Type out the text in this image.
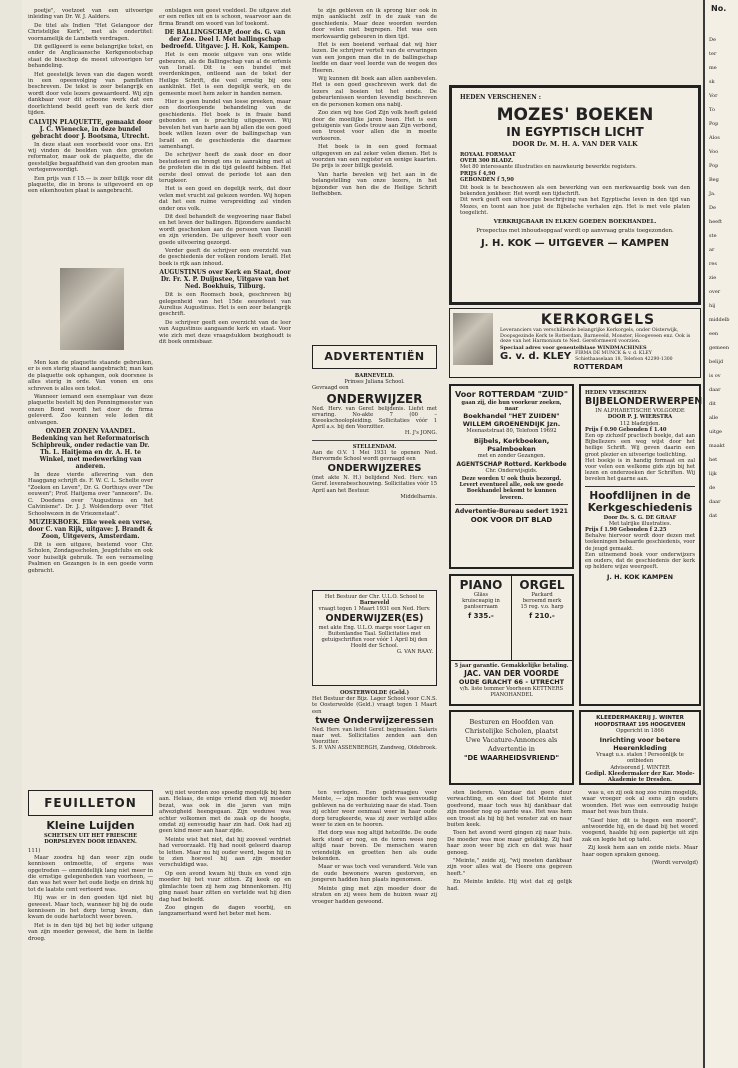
poetje", voetzoet van een uitvoerige inleiding van Dr. W. J. Aalders.

De titel als Indien "Het Gelangoor der Christelijke Kerk", met als ondertitel: voornamelijk de Lambeth verdragen.

Dit geïllgeerd is eene belangrijke tekst, en onder de Anglicaansche Kerkgenootschap staat de bisschop de meest uitvoerigen ter behandeling.

Het geestelijk leven van die dagen wordt in een opeenvolging van pamfletten beschreven. De tekst is zeer belangrijk en wordt door vele lezers gewaardeerd. Wij zijn dankbaar voor dit schoone werk dat een doorlichtend beeld geeft van de kerk dier tijden.

CALVIJN PLAQUETTE, gemaakt door J. C. Wienecke, in deze bundel gebracht door J. Bootsma, Utrecht.

In deze staat een voorbeeld voor ons. Eri wij vinden de beelden van den grooten reformator, maar ook de plaquette, die de geestelijke begaafdheid van den grooten man vertegenwoordigt.

Een prijs van f 15.— is zeer billijk voor dit plaquette, die in brons is uitgevoerd en op een eikenhouten plaat is aangebracht.

Men kan de plaquette staande gebruiken, er is een sterig staand aangebracht; man kan de plaquette ook ophangen, ook doorsnee is alles sterig in orde. Van vonen en ons schreven is alles een tekst.

Wanneer iemand een exemplaar van deze plaquette bestelt bij den Penningmeester van onzen Bond wordt het door de firma geleverd. Zoo kunnen vele leden dit ontvangen.

ONDER ZONEN VAANDEL. Bedenking van het Reformatorisch Schipbreuk, onder redactie van Dr. Th. L. Haitjema en dr. A. H. te Winkel, met medewerking van anderen.

In deze vierde aflevering van den Haaggang schrijft ds. F. W. C. L. Schelte over "Zoeken en Leven", Dr. G. Oorthuys over "De eeuwen"; Prof. Haitjema over "annexen". Ds. C. Doedens over "Augustinus en het Calvinisme". Dr. J. J. Woldendorp over "Het Schoolwezen in de Vriezenstaat".

MUZIEKBOEK. Elke week een verse, door C. van Rijk, uitgave: J. Brandt & Zoon, Uitgevers, Amsterdam.

Dit is een uitgave, bestemd voor Chr. Scholen, Zondagsscholen, Jeugdclubs en ook voor huiselijk gebruik. Te een verzameling Psalmen en Gezangen is in een goede vorm gebracht.

ontslagen een geest voeldeel. De uitgave ziet er een reflex uit en is schoon, waarvoor aan de firma Brandt om woord van lof toekomt.

DE BALLINGSCHAP, door ds. G. van der Zee. Deel I. Met ballingschap bedroefd. Uitgave: J. H. Kok, Kampen.

Het is een mooie uitgave van ons wilde gebeuren, als de Ballingschap van al de erfenis van Israël. Dit is een bundel met overdenkingen, ontleend aan de tekst der Heilige Schrift, die veel ernstig bij ons aanklinkt. Het is een degelijk werk, en de gemeente moet hem zeker in handen nemen.

Hier is geen bundel van losse preeken, maar een doorloopende behandeling van de geschiedenis. Het boek is in fraaie band gebonden en is prachtig uitgegeven. Wij bevelen het van harte aan bij allen die een goed boek willen lezen over de ballingschap van Israël en de geschiedenis die daarmee samenhangt.

De schrijver heeft de zaak door en door bestudeerd en brengt ons in aanraking met al de profeten die in die tijd geleefd hebben. Het eerste deel omvat de periode tot aan den terugkeer.

Het is een goed en degelijk werk, dat door velen met vrucht zal gelezen worden. Wij hopen dat het een ruime verspreiding zal vinden onder ons volk.

Dit deel behandelt de wegvoering naar Babel en het leven der ballingen. Bijzondere aandacht wordt geschonken aan de persoon van Daniël en zijn vrienden. De uitgever heeft voor een goede uitvoering gezorgd.

Verder geeft de schrijver een overzicht van de geschiedenis der volken rondom Israël. Het boek is rijk aan inhoud.

AUGUSTINUS over Kerk en Staat, door Dr. Fr. X. P. Duijnstee, Uitgave van het Ned. Boekhuis, Tilburg.

Dit is een Roomsch boek, geschreven bij gelegenheid van het 15de eeuwfeest van Aurelius Augustinus. Het is een zeer belangrijk geschrift.

De schrijver geeft een overzicht van de leer van Augustinus aangaande kerk en staat. Voor wie zich met deze vraagstukken bezighoudt is dit boek onmisbaar.

ADVERTENTIËN
BARNEVELD.
Prinses Juliana School.
Gevraagd een
ONDERWIJZER
Ned. Herv. van Geref. belijdenis. Liefst met ervaring. No-akte 7 (00 – Kweekschoolopleiding. Sollicitaties vóór 1 April a.s. bij den Voorzitter.
H. J's JONG.
STELLENDAM.
Aan de O.V. 1 Mei 1931 te openen Ned. Hervormde School wordt gevraagd een
ONDERWIJZERES
(met akte N. H.) belijdend Ned. Herv. van Geref. levensbeschouwing. Sollicitaties vóór 15 April aan het Bestuur.
Middelharnis.
Het Bestuur der Chr. U.L.O. School te
Barneveld
vraagt tegen 1 Maart 1931 een Ned. Herv.
ONDERWIJZER(ES)
met akte Eng. U.L.O. marge voor Lager en Buitenlandse Taal. Sollicitaties met getuigschriften voor vóór 1 April bij den Hoofd der School.
G. VAN RAAY.
OOSTERWOLDE (Geld.)
Het Bestuur der Bijz. Lager School voor C.N.S. te Oosterwolde (Geld.) vraagt tegen 1 Maart een
twee Onderwijzeressen
Ned. Herv. van liefst Geref. beginselen. Salaris naar wet. Sollicitaties zenden aan den Voorzitter.
S. P. VAN ASSENBERGH, Zandweg, Oldebroek.

te zijn gebleven en ik sprong hier ook in mijn aanklacht zelf in de zaak van de geschiedenis. Maar deze woorden werden door velen niet begrepen. Het was een merkwaardig gebeuren in dien tijd.

Het is een boeiend verhaal dat wij hier lezen. De schrijver vertelt van de ervaringen van een jongen man die in de ballingschap leefde en daar veel leerde van de wegen des Heeren.

Wij kunnen dit boek aan allen aanbevelen. Het is een goed geschreven werk dat de lezers zal boeien tot het einde. De gebeurtenissen worden levendig beschreven en de personen komen ons nabij.

Zoo zien wij hoe God Zijn volk heeft geleid door de moeilijke jaren heen. Het is een getuigenis van Gods trouw aan Zijn verbond, een troost voor allen die in moeite verkeeren.

Het boek is in een goed formaat uitgegeven en zal zeker velen dienen. Het is voorzien van een register en eenige kaarten. De prijs is zeer billijk gesteld.

Van harte bevelen wij het aan in de belangstelling van onze lezers, in het bijzonder van hen die de Heilige Schrift liefhebben.

FEUILLETON
Kleine Luijden
SCHETSEN UIT HET FRIESCHE DORPSLEVEN DOOR IEDANEN.
111)

Maar zoodra hij dan weer zijn oude kennissen ontmoette, of ergens was opgetreden — onmiddellijk lang niet meer in die ernstige gelegenheden van voorheen, — dan was het weer het oude liedje en drink hij tot de laatste cent verteerd was.

Hij was er in den goeden tijd niet bij geweest. Maar toch, wanneer hij bij de oude kennissen in het dorp terug kwam, dan kwam de oude hartstocht weer boven.

Het is in den tijd bij het bij ieder uitgang van zijn moeder geweest, die hem in liefde droeg.

wij niet worden zoo spoedig mogelijk bij hem aan. Helaas, de enige vriend dien wij moeder bezat, was ook in die jaren van mijn afwezigheid heengegaan. Zijn weduwe was echter volkomen met de zaak op de hoogte, omdat zij eenvoudig haar zin had. Ook had zij geen kind meer aan haar zijde.

Meinte wist het niet, dat hij zooveel verdriet had veroorzaakt. Hij had nooit geleerd daarop te letten. Maar nu hij ouder werd, begon hij in te zien hoeveel hij aan zijn moeder verschuldigd was.

Op een avond kwam hij thuis en vond zijn moeder bij het vuur zitten. Zij keek op en glimlachte toen zij hem zag binnenkomen. Hij ging naast haar zitten en vertelde wat hij dien dag had beleefd.

Zoo gingen de dagen voorbij, en langzamerhand werd het beter met hem.

ten verlopen. Een geldvraagjeu voor Meinte, — zijn moeder toch was eenvoudig gebleven na de verhuizing naar de stad. Toen zij echter weer eenmaal weer in haar oude dorp terugkeerde, was zij zeer verblijd alles weer te zien en te hooren.

Het dorp was nog altijd hetzelfde. De oude kerk stond er nog, en de toren wees nog altijd naar boven. De menschen waren vriendelijk en groetten hen als oude bekenden.

Maar er was toch veel veranderd. Vele van de oude bewoners waren gestorven, en jongeren hadden hun plaats ingenomen.

Meinte ging met zijn moeder door de straten en zij wees hem de huizen waar zij vroeger hadden gewoond.

sten liederen. Vandaar dat geen duur verwachting, en een doel tot Meinte niet goedvond, maar toch was hij dankbaar dat zijn moeder nog op aarde was. Het was hem een troost als hij bij het venster zat en naar buiten keek.

Toen het avond werd gingen zij naar huis. De moeder was moe maar gelukkig. Zij had haar zoon weer bij zich en dat was haar genoeg.

"Meinte," zeide zij, "wij moeten dankbaar zijn voor alles wat de Heere ons gegeven heeft."

En Meinte knikte. Hij wist dat zij gelijk had.

was u, en zij ook nog zoo ruim mogelijk, waar vroeger ook al eens zijn ouders woonden. Het was een eenvoudig huisje maar het was hun thuis.

"Geef hier, dit is hegen een moord", antwoordde hij, en de daad bij het woord voegend, haalde hij een papiertje uit zijn zak en legde het op tafel.

Zij keek hem aan en zeide niets. Maar haar oogen spraken genoeg.

(Wordt vervolgd)
HEDEN VERSCHENEN :
MOZES' BOEKEN
IN EGYPTISCH LICHT
DOOR Dr. M. H. A. VAN DER VALK
ROYAAL FORMAAT
OVER 300 BLADZ.
Met 80 interessante illustraties en nauwkeurig bewerkte registers.
PRIJS f 4,90
GEBONDEN f 5,90
Dit boek is te beschouwen als een bewerking van een merkwaardig boek van den bekenden jonkheer. Het wordt een tijdschrift.
Dit werk geeft een uitvoerige beschrijving van het Egyptische leven in den tijd van Mozes, en toont aan hoe juist de Bijbelsche verhalen zijn. Het is met vele platen toegelicht.
VERKRIJGBAAR IN ELKEN GOEDEN BOEKHANDEL.
Prospectus met inhoudsopgaaf wordt op aanvraag gratis toegezonden.
J. H. KOK — UITGEVER — KAMPEN
KERKORGELS
Leveranciers van verschillende belangrijke Kerkorgels, onder Oisterwijk, Doopsgezinde Kerk te Rotterdam, Barneveld, Monster, Hoogeveen enz. Ook is deze van het Harmonium te Ned. Gereformeerd voorzien.
Speciaal adres voor geneutelblase WINDMACHINES
G. v. d. KLEY FIRMA DE MUNCK & v. d. KLEY
Schiethaaselaan 18, Telefoon 42290-1300
ROTTERDAM
Voor ROTTERDAM "ZUID"
gaan zij, die hun voorkeur zoeken, naar
Boekhandel "HET ZUIDEN"
WILLEM GROENENDIJK Jzn.
Meenaststraat 80, Telefoon 19692
Bijbels, Kerkboeken, Psalmboeken
met en zonder Gezangen.
AGENTSCHAP Rotterd. Kerkbode
Chr. Onderwijsgids.
Deze worden U ook thuis bezorgd. Levert eventueel alle, ook uw goede Boekhandel bekomt te kunnen leveren.
Advertentie-Bureau sedert 1921
OOK VOOR DIT BLAD
HEDEN VERSCHEEN
BIJBELONDERWERPEN
IN ALPHABETISCHE VOLGORDE
DOOR P. J. WIERSTRA
112 bladzijden.
Prijs f 0.90 Gebonden f 1.40
Een op zichzelf practisch boekje, dat aan Bijbellezers een weg wijst door het heilige Schrift. Wij geven daarin een groot plezier en uitvoerige toelichting.
Het boekje is in handig formaat en zal voor velen een welkome gids zijn bij het lezen en onderzoeken der Schriften. Wij bevelen het gaarne aan.
Hoofdlijnen in de Kerkgeschiedenis
Door Ds. S. G. DE GRAAF
Met talrijke illustraties.
Prijs f 1.90 Gebonden f 2.25
Behalve hiervoor wordt door dezen met teekeningen bebaarde geschiedenis, voor de jeugd gemaakt.
Een uitnemend boek voor onderwijzers en ouders, dat de geschiedenis der kerk op heldere wijze weergeeft.
J. H. KOK KAMPEN
PIANO
Gläss
kruisснарig in
pantserraam
f 335.-
ORGEL
Packard
beroemd merk
15 reg. v.o. harp
f 210.-
5 jaar garantie. Gemakkelijke betaling.
JAC. VAN DER VOORDE
OUDE GRACHT 66 - UTRECHT
v/h. liste temmer Voorheen KETTNERS PIANOHANDEL
Besturen en Hoofden van Christelijke Scholen, plaatst Uwe Vacature-Annonces als Advertentie in
"DE WAARHEIDSVRIEND"
KLEEDERMAKERIJ J. WINTER
HOOFDSTRAAT 195 HOOGEVEEN
Opgericht in 1866
Inrichting voor betere Heerenkleding
Vraagt u.s. stalen ! Persoonlijk te ontbieden
Advisorend J. WINTER
Gedipl. Kleedermaker der Kar. Mode-Akademie te Dresden.
No.
De
ter
me
sk
Vor
To
Pop
Alos
Voo
Pop
Beg
Ja.
De
heeft
ste
ar
res
zie
over
hij
middelb
een
gemeen
belijd
is ov
daar
dit
alle
uitge
maakt
het
lijk
de
daar
dat
